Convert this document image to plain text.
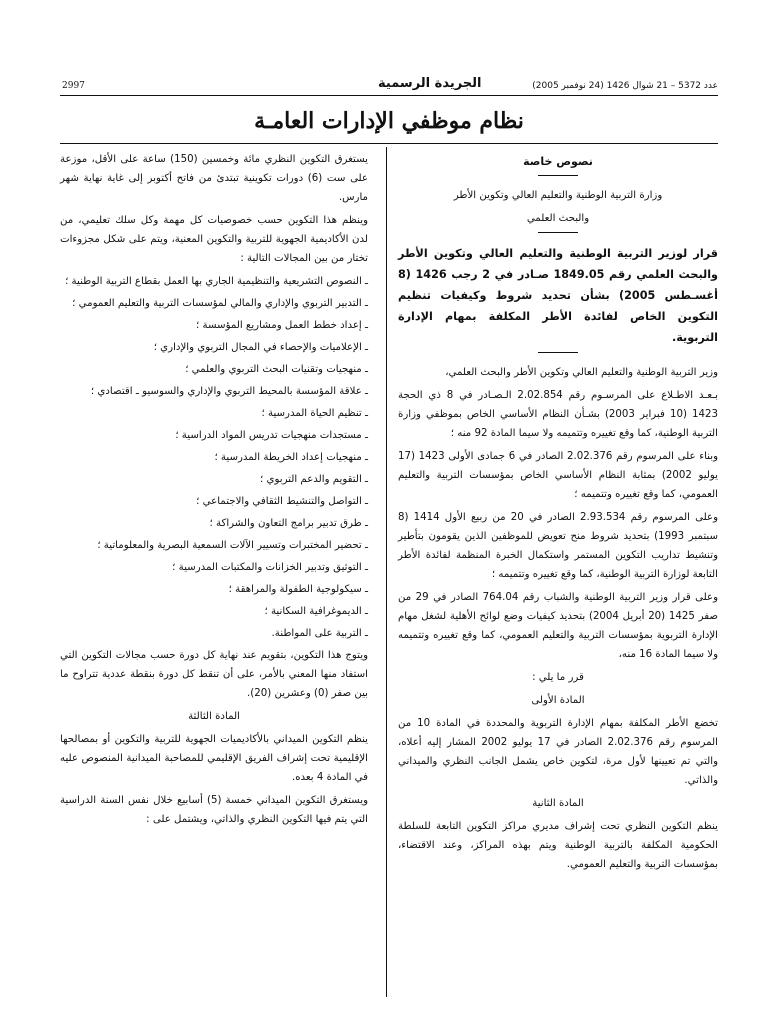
2997	الجريدة الرسمية	عدد 5372 – 21 شوال 1426 (24 نوفمبر 2005)
نظام موظفي الإدارات العامـة

نصوص خاصة

وزارة التربية الوطنية والتعليم العالي وتكوين الأطر

والبحث العلمي

قرار لوزير التربية الوطنية والتعليم العالي وتكوين الأطر والبحث العلمي رقم 1849.05 صـادر في 2 رجب 1426 (8 أغسـطس 2005) بشأن تحديد شروط وكيفيات تنظيم التكوين الخاص لفائدة الأطر المكلفة بمهام الإدارة التربوية.

وزير التربية الوطنية والتعليم العالي وتكوين الأطر والبحث العلمي،

بـعـد الاطـلاع على المرسـوم رقم 2.02.854 الـصـادر في 8 ذي الحجة 1423 (10 فبراير 2003) بشـأن النظام الأساسي الخاص بموظفي وزارة التربية الوطنية، كما وقع تغييره وتتميمه ولا سيما المادة 92 منه ؛

وبناء على المرسوم رقم 2.02.376 الصادر في 6 جمادى الأولى 1423 (17 يوليو 2002) بمثابة النظام الأساسي الخاص بمؤسسات التربية والتعليم العمومي، كما وقع تغييره وتتميمه ؛

وعلى المرسوم رقم 2.93.534 الصادر في 20 من ربيع الأول 1414 (8 سبتمبر 1993) بتحديد شروط منح تعويض للموظفين الذين يقومون بتأطير وتنشيط تداريب التكوين المستمر واستكمال الخبرة المنظمة لفائدة الأطر التابعة لوزارة التربية الوطنية، كما وقع تغييره وتتميمه ؛

وعلى قرار وزير التربية الوطنية والشباب رقم 764.04 الصادر في 29 من صفر 1425 (20 أبريل 2004) بتحديد كيفيات وضع لوائح الأهلية لشغل مهام الإدارة التربوية بمؤسسات التربية والتعليم العمومي، كما وقع تغييره وتتميمه ولا سيما المادة 16 منه،

قرر ما يلي :

المادة الأولى

تخضع الأطر المكلفة بمهام الإدارة التربوية والمحددة في المادة 10 من المرسوم رقم 2.02.376 الصادر في 17 يوليو 2002 المشار إليه أعلاه، والتي تم تعيينها لأول مرة، لتكوين خاص يشمل الجانب النظري والميداني والذاتي.

المادة الثانية

ينظم التكوين النظري تحت إشراف مديري مراكز التكوين التابعة للسلطة الحكومية المكلفة بالتربية الوطنية ويتم بهذه المراكز، وعند الاقتضاء، بمؤسسات التربية والتعليم العمومي.

يستغرق التكوين النظري مائة وخمسين (150) ساعة على الأقل، موزعة على ست (6) دورات تكوينية تبتدئ من فاتح أكتوبر إلى غاية نهاية شهر مارس.

وينظم هذا التكوين حسب خصوصيات كل مهمة وكل سلك تعليمي، من لدن الأكاديمية الجهوية للتربية والتكوين المعنية، ويتم على شكل مجزوءات تختار من بين المجالات التالية :

ـ النصوص التشريعية والتنظيمية الجاري بها العمل بقطاع التربية الوطنية ؛

ـ التدبير التربوي والإداري والمالي لمؤسسات التربية والتعليم العمومي ؛

ـ إعداد خطط العمل ومشاريع المؤسسة ؛

ـ الإعلاميات والإحصاء في المجال التربوي والإداري ؛

ـ منهجيات وتقنيات البحث التربوي والعلمي ؛

ـ علاقة المؤسسة بالمحيط التربوي والإداري والسوسيو ـ اقتصادي ؛

ـ تنظيم الحياة المدرسية ؛

ـ مستجدات منهجيات تدريس المواد الدراسية ؛

ـ منهجيات إعداد الخريطة المدرسية ؛

ـ التقويم والدعم التربوي ؛

ـ التواصل والتنشيط الثقافي والاجتماعي ؛

ـ طرق تدبير برامج التعاون والشراكة ؛

ـ تحضير المختبرات وتسيير الآلات السمعية البصرية والمعلوماتية ؛

ـ التوثيق وتدبير الخزانات والمكتبات المدرسية ؛

ـ سيكولوجية الطفولة والمراهقة ؛

ـ الديموغرافية السكانية ؛

ـ التربية على المواطنة.

ويتوج هذا التكوين، بتقويم عند نهاية كل دورة حسب مجالات التكوين التي استفاد منها المعني بالأمر، على أن تنقط كل دورة بنقطة عددية تتراوح ما بين صفر (0) وعشرين (20).

المادة الثالثة

ينظم التكوين الميداني بالأكاديميات الجهوية للتربية والتكوين أو بمصالحها الإقليمية تحت إشراف الفريق الإقليمي للمصاحبة الميدانية المنصوص عليه في المادة 4 بعده.

ويستغرق التكوين الميداني خمسة (5) أسابيع خلال نفس السنة الدراسية التي يتم فيها التكوين النظري والذاتي، ويشتمل على :
